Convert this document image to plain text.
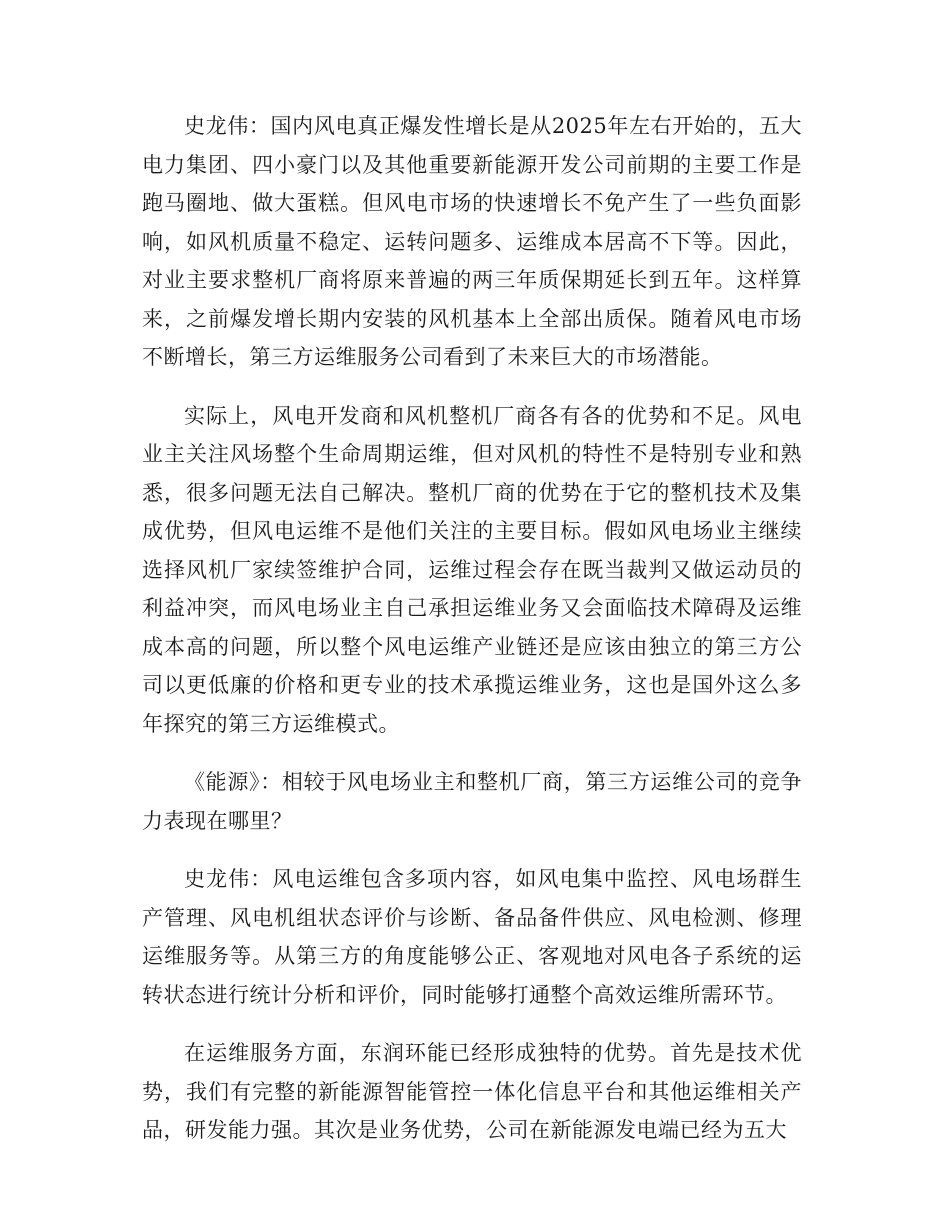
史龙伟：国内风电真正爆发性增长是从2025年左右开始的，五大电力集团、四小豪门以及其他重要新能源开发公司前期的主要工作是跑马圈地、做大蛋糕。但风电市场的快速增长不免产生了一些负面影响，如风机质量不稳定、运转问题多、运维成本居高不下等。因此，对业主要求整机厂商将原来普遍的两三年质保期延长到五年。这样算来，之前爆发增长期内安装的风机基本上全部出质保。随着风电市场不断增长，第三方运维服务公司看到了未来巨大的市场潜能。

实际上，风电开发商和风机整机厂商各有各的优势和不足。风电业主关注风场整个生命周期运维，但对风机的特性不是特别专业和熟悉，很多问题无法自己解决。整机厂商的优势在于它的整机技术及集成优势，但风电运维不是他们关注的主要目标。假如风电场业主继续选择风机厂家续签维护合同，运维过程会存在既当裁判又做运动员的利益冲突，而风电场业主自己承担运维业务又会面临技术障碍及运维成本高的问题，所以整个风电运维产业链还是应该由独立的第三方公司以更低廉的价格和更专业的技术承揽运维业务，这也是国外这么多年探究的第三方运维模式。

《能源》：相较于风电场业主和整机厂商，第三方运维公司的竞争力表现在哪里？

史龙伟：风电运维包含多项内容，如风电集中监控、风电场群生产管理、风电机组状态评价与诊断、备品备件供应、风电检测、修理运维服务等。从第三方的角度能够公正、客观地对风电各子系统的运转状态进行统计分析和评价，同时能够打通整个高效运维所需环节。

在运维服务方面，东润环能已经形成独特的优势。首先是技术优势，我们有完整的新能源智能管控一体化信息平台和其他运维相关产品，研发能力强。其次是业务优势，公司在新能源发电端已经为五大
